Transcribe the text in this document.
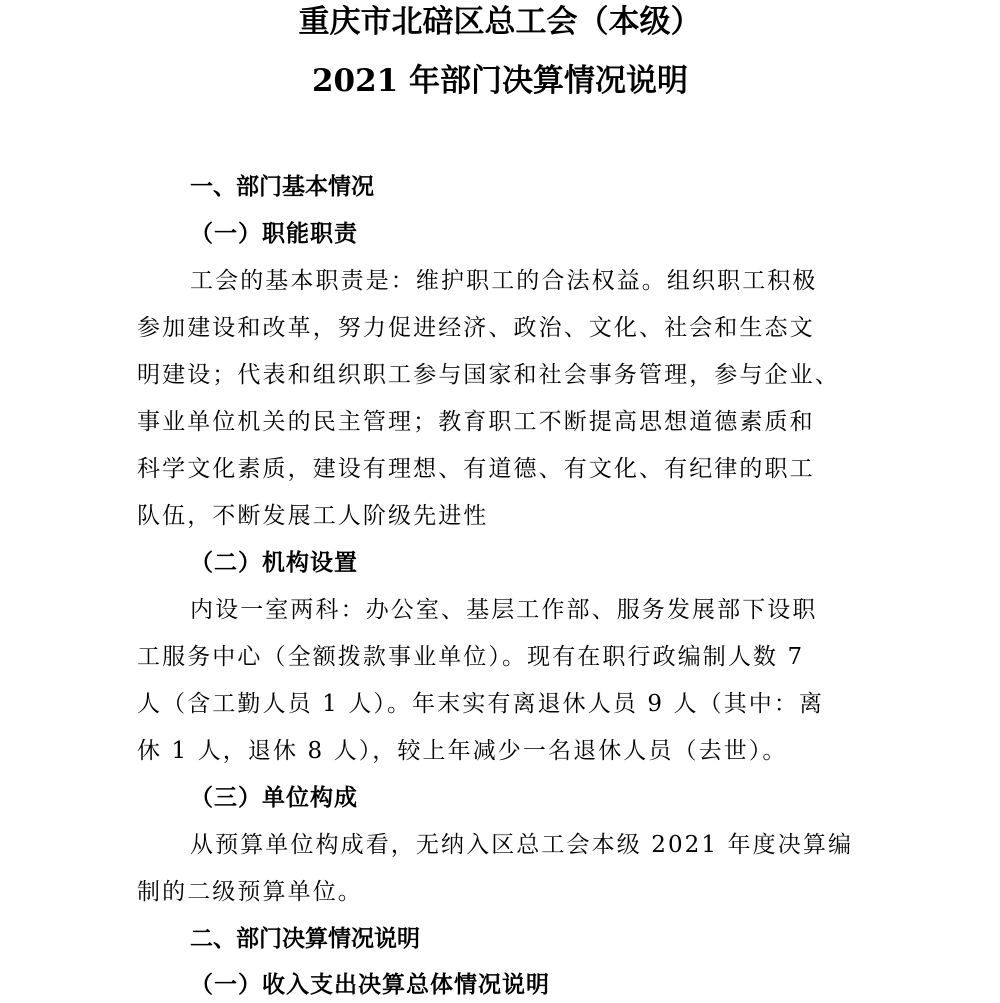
重庆市北碚区总工会（本级）
2021 年部门决算情况说明
一、部门基本情况
（一）职能职责

工会的基本职责是：维护职工的合法权益。组织职工积极

参加建设和改革，努力促进经济、政治、文化、社会和生态文

明建设；代表和组织职工参与国家和社会事务管理，参与企业、

事业单位机关的民主管理；教育职工不断提高思想道德素质和

科学文化素质，建设有理想、有道德、有文化、有纪律的职工

队伍，不断发展工人阶级先进性

（二）机构设置

内设一室两科：办公室、基层工作部、服务发展部下设职

工服务中心（全额拨款事业单位）。现有在职行政编制人数 7

人（含工勤人员 1 人）。年末实有离退休人员 9 人（其中：离

休 1 人，退休 8 人），较上年减少一名退休人员（去世）。

（三）单位构成

从预算单位构成看，无纳入区总工会本级 2021 年度决算编

制的二级预算单位。

二、部门决算情况说明
（一）收入支出决算总体情况说明
